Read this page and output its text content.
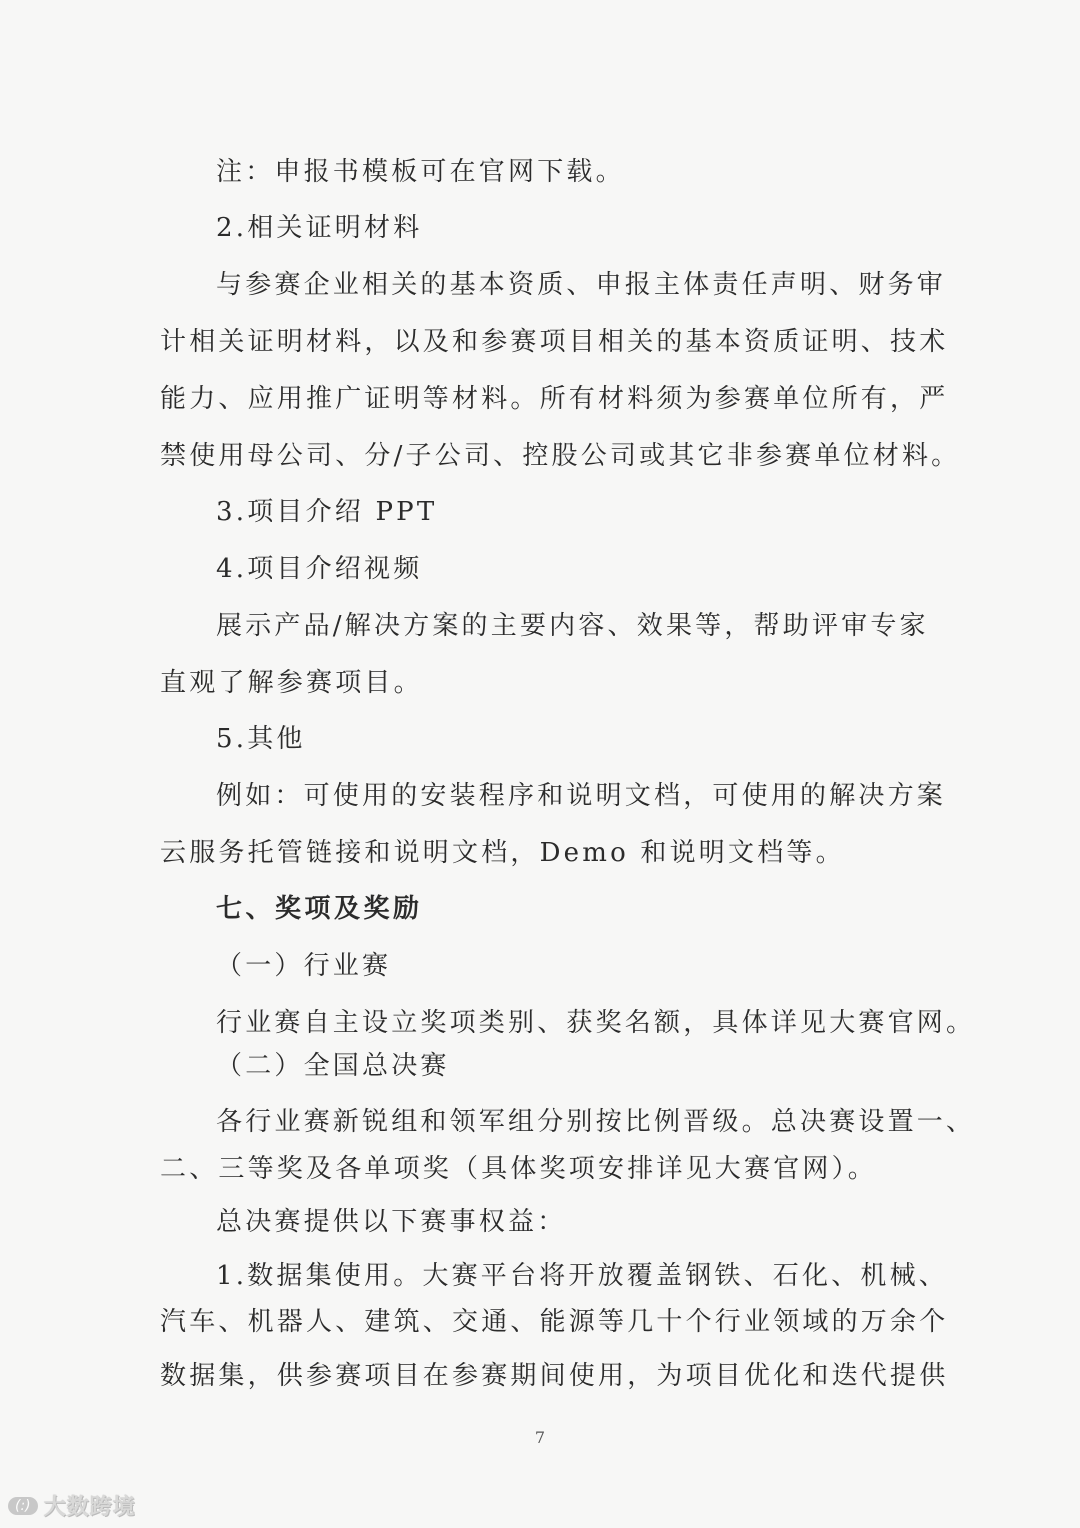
注：申报书模板可在官网下载。
2.相关证明材料
与参赛企业相关的基本资质、申报主体责任声明、财务审
计相关证明材料，以及和参赛项目相关的基本资质证明、技术
能力、应用推广证明等材料。所有材料须为参赛单位所有，严
禁使用母公司、分/子公司、控股公司或其它非参赛单位材料。
3.项目介绍 PPT
4.项目介绍视频
展示产品/解决方案的主要内容、效果等，帮助评审专家
直观了解参赛项目。
5.其他
例如：可使用的安装程序和说明文档，可使用的解决方案
云服务托管链接和说明文档，Demo 和说明文档等。
七、奖项及奖励
（一）行业赛
行业赛自主设立奖项类别、获奖名额，具体详见大赛官网。
（二）全国总决赛
各行业赛新锐组和领军组分别按比例晋级。总决赛设置一、
二、三等奖及各单项奖（具体奖项安排详见大赛官网）。
总决赛提供以下赛事权益：
1.数据集使用。大赛平台将开放覆盖钢铁、石化、机械、
汽车、机器人、建筑、交通、能源等几十个行业领域的万余个
数据集，供参赛项目在参赛期间使用，为项目优化和迭代提供
7
(:) 大数跨境
